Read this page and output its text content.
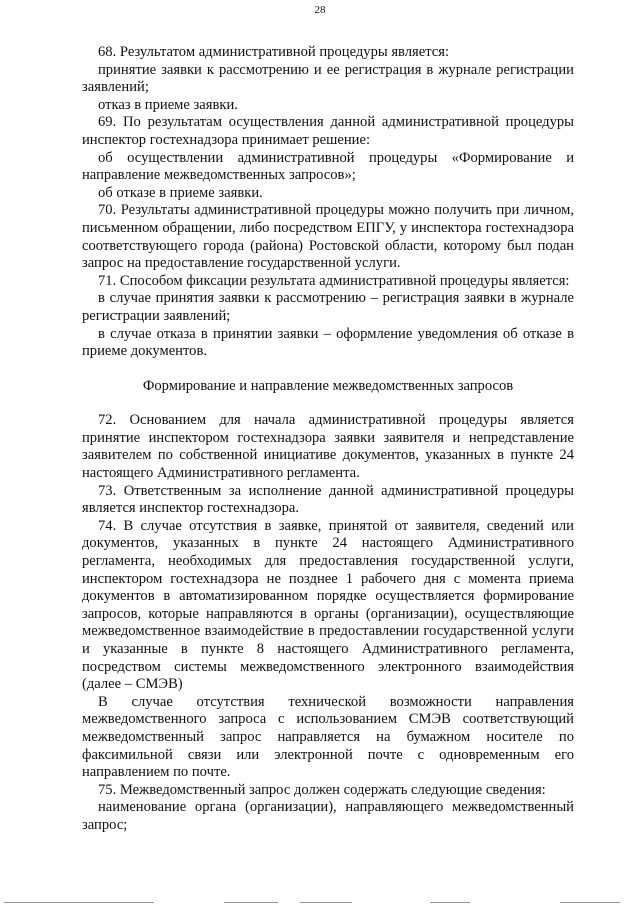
28

68. Результатом административной процедуры является:

принятие заявки к рассмотрению и ее регистрация в журнале регистрации заявлений;

отказ в приеме заявки.

69. По результатам осуществления данной административной процедуры инспектор гостехнадзора принимает решение:

об осуществлении административной процедуры «Формирование и направление межведомственных запросов»;

об отказе в приеме заявки.

70. Результаты административной процедуры можно получить при личном, письменном обращении, либо посредством ЕПГУ, у инспектора гостехнадзора соответствующего города (района) Ростовской области, которому был подан запрос на предоставление государственной услуги.

71. Способом фиксации результата административной процедуры является:

в случае принятия заявки к рассмотрению – регистрация заявки в журнале регистрации заявлений;

в случае отказа в принятии заявки – оформление уведомления об отказе в приеме документов.

Формирование и направление межведомственных запросов

72. Основанием для начала административной процедуры является принятие инспектором гостехнадзора заявки заявителя и непредставление заявителем по собственной инициативе документов, указанных в пункте 24 настоящего Административного регламента.

73. Ответственным за исполнение данной административной процедуры является инспектор гостехнадзора.

74. В случае отсутствия в заявке, принятой от заявителя, сведений или документов, указанных в пункте 24 настоящего Административного регламента, необходимых для предоставления государственной услуги, инспектором гостехнадзора не позднее 1 рабочего дня с момента приема документов в автоматизированном порядке осуществляется формирование запросов, которые направляются в органы (организации), осуществляющие межведомственное взаимодействие в предоставлении государственной услуги и указанные в пункте 8 настоящего Административного регламента, посредством системы межведомственного электронного взаимодействия (далее – СМЭВ)

В случае отсутствия технической возможности направления межведомственного запроса с использованием СМЭВ соответствующий межведомственный запрос направляется на бумажном носителе по факсимильной связи или электронной почте с одновременным его направлением по почте.

75. Межведомственный запрос должен содержать следующие сведения:

наименование органа (организации), направляющего межведомственный запрос;
